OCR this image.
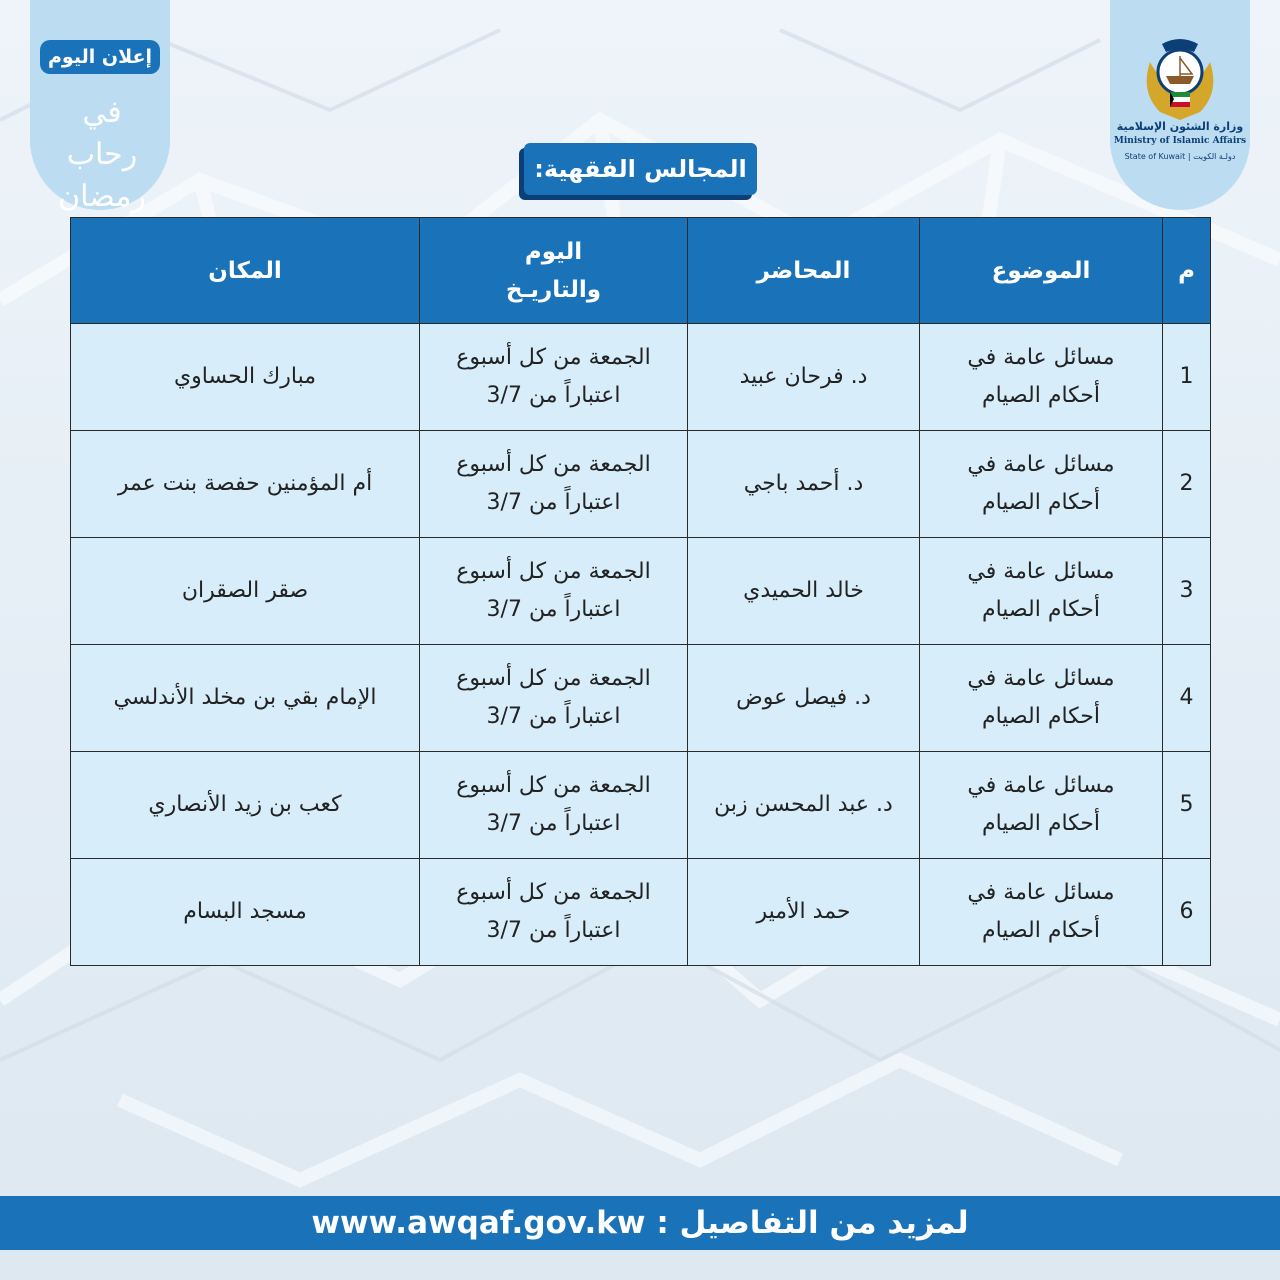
إعلان اليوم
في رحاب رمضان
وزارة الشئون الإسلامية
Ministry of Islamic Affairs
State of Kuwait | دولـة الكويت
المجالس الفقهية:
م	الموضوع	المحاضر	اليوم والتاريـخ	المكان
1	مسائل عامة في أحكام الصيام	د. فرحان عبيد	الجمعة من كل أسبوع اعتباراً من 3/7	مبارك الحساوي
2	مسائل عامة في أحكام الصيام	د. أحمد باجي	الجمعة من كل أسبوع اعتباراً من 3/7	أم المؤمنين حفصة بنت عمر
3	مسائل عامة في أحكام الصيام	خالد الحميدي	الجمعة من كل أسبوع اعتباراً من 3/7	صقر الصقران
4	مسائل عامة في أحكام الصيام	د. فيصل عوض	الجمعة من كل أسبوع اعتباراً من 3/7	الإمام بقي بن مخلد الأندلسي
5	مسائل عامة في أحكام الصيام	د. عبد المحسن زبن	الجمعة من كل أسبوع اعتباراً من 3/7	كعب بن زيد الأنصاري
6	مسائل عامة في أحكام الصيام	حمد الأمير	الجمعة من كل أسبوع اعتباراً من 3/7	مسجد البسام
www.awqaf.gov.kw لمزيد من التفاصيل :
